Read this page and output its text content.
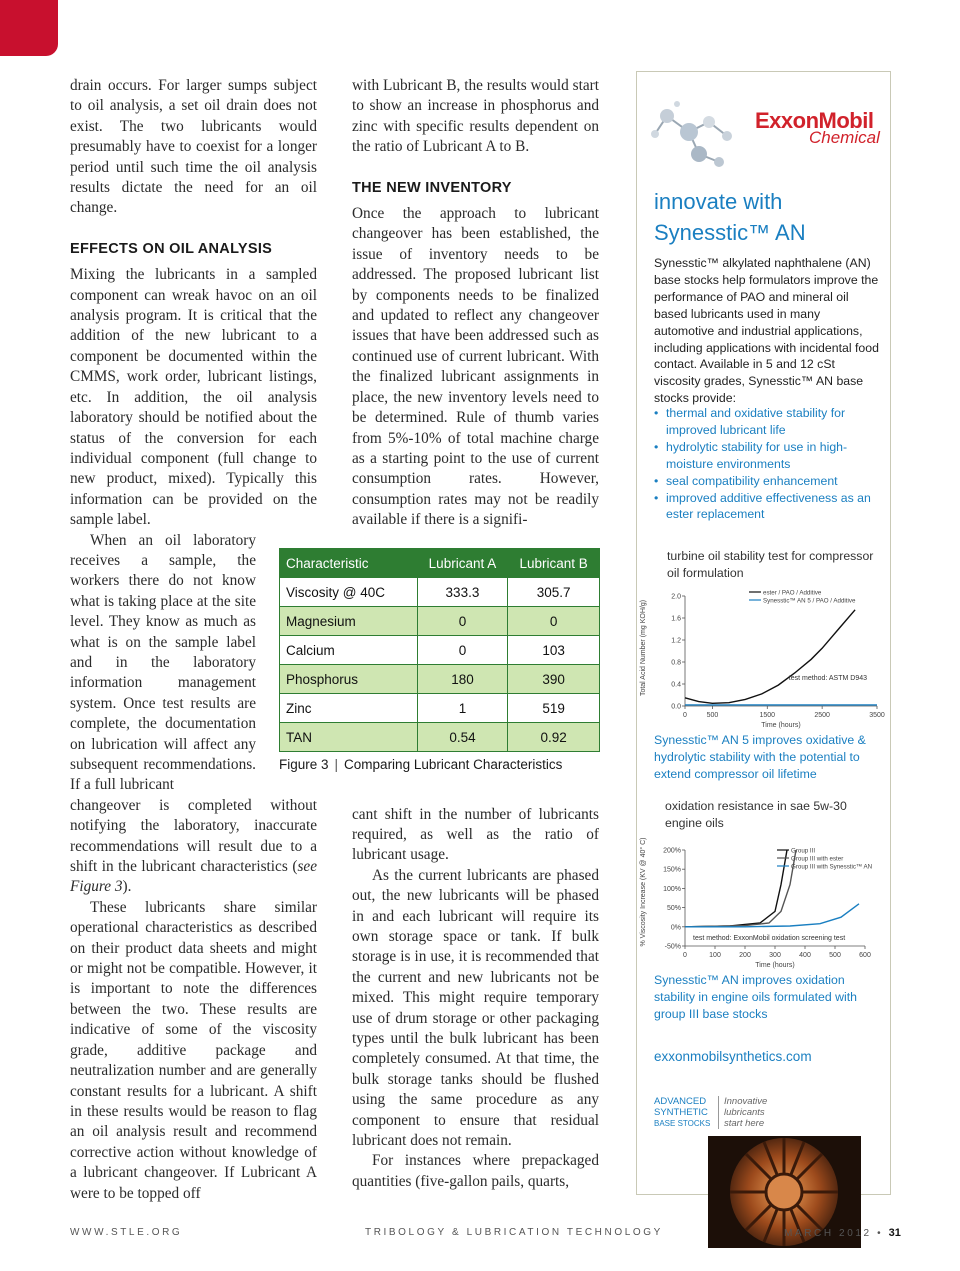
drain occurs. For larger sumps subject to oil analysis, a set oil drain does not exist. The two lubricants would presumably have to coexist for a longer period until such time the oil analysis results dictate the need for an oil change.

EFFECTS ON OIL ANALYSIS

Mixing the lubricants in a sampled component can wreak havoc on an oil analysis program. It is critical that the addition of the new lubricant to a component be documented within the CMMS, work order, lubricant listings, etc. In addition, the oil analysis laboratory should be notified about the status of the conversion for each individual component (full change to new product, mixed). Typically this information can be provided on the sample label.

When an oil laboratory receives a sample, the workers there do not know what is taking place at the site level. They know as much as what is on the sample label and in the laboratory information management system. Once test results are complete, the documentation on lubrication will affect any subsequent recommendations. If a full lubricant

changeover is completed without notifying the laboratory, inaccurate recommendations will result due to a shift in the lubricant characteristics (see Figure 3).

These lubricants share similar operational characteristics as described on their product data sheets and might or might not be compatible. However, it is important to note the differences between the two. These results are indicative of some of the viscosity grade, additive package and neutralization number and are generally constant results for a lubricant. A shift in these results would be reason to flag an oil analysis result and recommend corrective action without knowledge of a lubricant changeover. If Lubricant A were to be topped off

with Lubricant B, the results would start to show an increase in phosphorus and zinc with specific results dependent on the ratio of Lubricant A to B.

THE NEW INVENTORY

Once the approach to lubricant changeover has been established, the issue of inventory needs to be addressed. The proposed lubricant list by components needs to be finalized and updated to reflect any changeover issues that have been addressed such as continued use of current lubricant. With the finalized lubricant assignments in place, the new inventory levels need to be determined. Rule of thumb varies from 5%-10% of total machine charge as a starting point to the use of current consumption rates. However, consumption rates may not be readily available if there is a signifi-

cant shift in the number of lubricants required, as well as the ratio of lubricant usage.

As the current lubricants are phased out, the new lubricants will be phased in and each lubricant will require its own storage space or tank. If bulk storage is in use, it is recommended that the current and new lubricants not be mixed. This might require temporary use of drum storage or other packaging types until the bulk lubricant has been completely consumed. At that time, the bulk storage tanks should be flushed using the same procedure as any component to ensure that residual lubricant does not remain.

For instances where prepackaged quantities (five-gallon pails, quarts,

Characteristic	Lubricant A	Lubricant B
Viscosity @ 40C	333.3	305.7
Magnesium	0	0
Calcium	0	103
Phosphorus	180	390
Zinc	1	519
TAN	0.54	0.92
Figure 3 | Comparing Lubricant Characteristics
ExxonMobil
Chemical
innovate with
Synesstic™ AN
Synesstic™ alkylated naphthalene (AN) base stocks help formulators improve the performance of PAO and mineral oil based lubricants used in many automotive and industrial applications, including applications with incidental food contact. Available in 5 and 12 cSt viscosity grades, Synesstic™ AN base stocks provide:
• thermal and oxidative stability for improved lubricant life
• hydrolytic stability for use in high-moisture environments
• seal compatibility enhancement
• improved additive effectiveness as an ester replacement
turbine oil stability test for compressor oil formulation
0.0
0.4
0.8
1.2
1.6
2.0
0	500	1500	2500	3500
Time (hours)
Total Acid Number (mg KOH/g)
ester / PAO / Additive
Synesstic™ AN 5 / PAO / Additive
test method: ASTM D943
Synesstic™ AN 5 improves oxidative & hydrolytic stability with the potential to extend compressor oil lifetime
oxidation resistance in sae 5w-30 engine oils
-50%
0%
50%
100%
150%
200%
0	100	200	300	400	500	600
Time (hours)
% Viscosity Increase (KV @ 40° C)	Group III
Group III with ester
Group III with Synesstic™ AN
test method: ExxonMobil oxidation screening test
Synesstic™ AN improves oxidation stability in engine oils formulated with group III base stocks
exxonmobilsynthetics.com
ADVANCED
SYNTHETIC
BASE STOCKS
Innovative
lubricants
start here
WWW.STLE.ORG	TRIBOLOGY & LUBRICATION TECHNOLOGY	MARCH 2012 • 31
